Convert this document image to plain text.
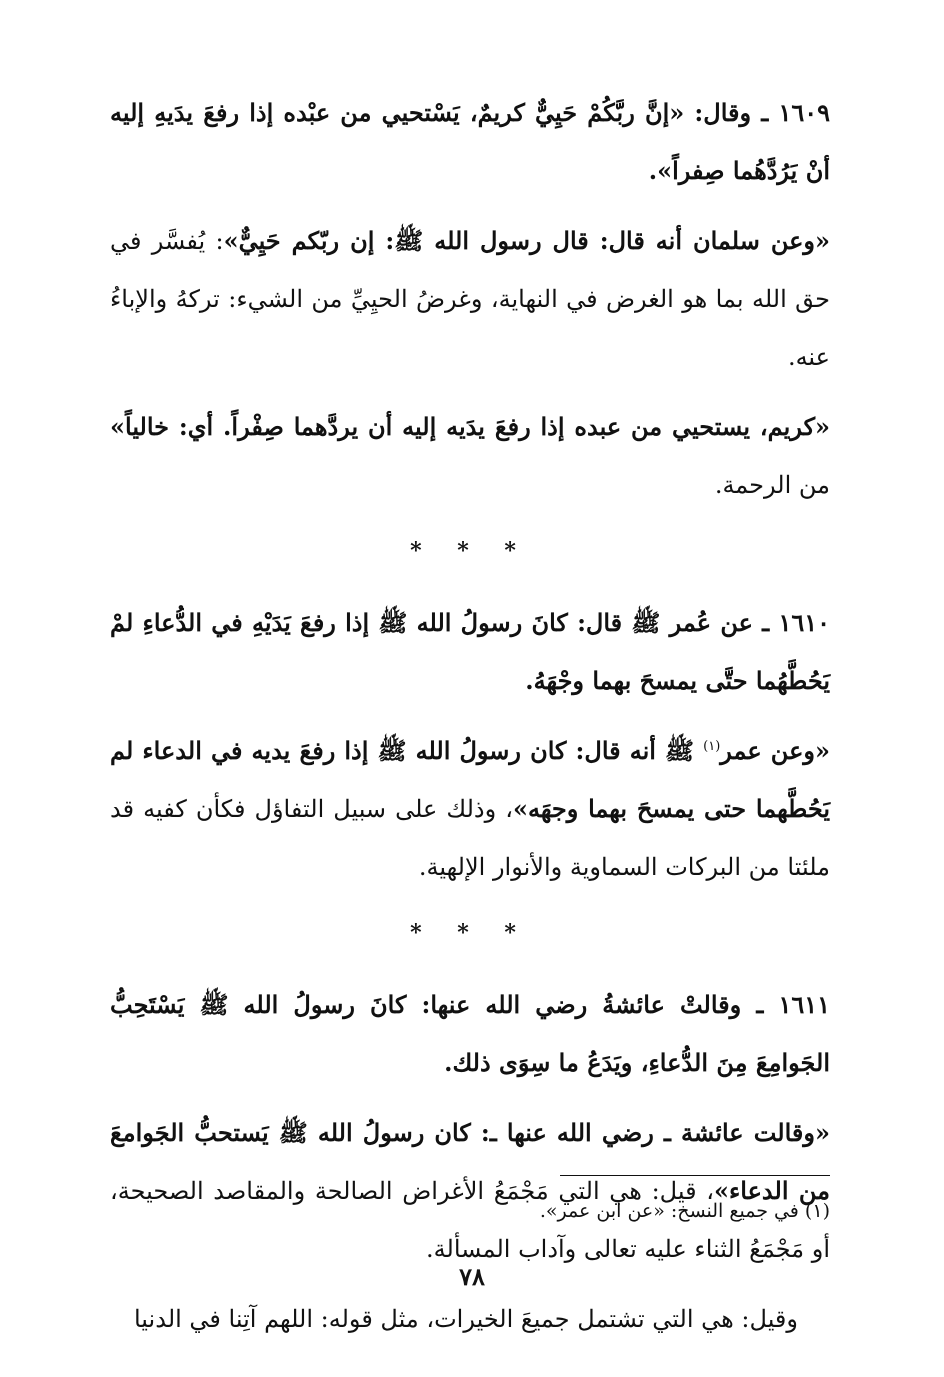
١٦٠٩ ـ وقال: «إنَّ ربَّكُمْ حَيِيٌّ كريمٌ، يَسْتحيي من عبْده إذا رفعَ يدَيهِ إليه أنْ يَرُدَّهُما صِفراً».

«وعن سلمان أنه قال: قال رسول الله ﷺ: إن ربّكم حَيِيٌّ»: يُفسَّر في حق الله بما هو الغرض في النهاية، وغرضُ الحيِيِّ من الشيء: تركهُ والإباءُ عنه.

«كريم، يستحيي من عبده إذا رفعَ يدَيه إليه أن يردَّهما صِفْراً. أي: خالياً» من الرحمة.

* * *

١٦١٠ ـ عن عُمر ﷺ قال: كانَ رسولُ الله ﷺ إذا رفعَ يَدَيْهِ في الدُّعاءِ لمْ يَحُطَّهُما حتَّى يمسحَ بهما وجْهَهُ.

«وعن عمر$^{(١)}$ ﷺ أنه قال: كان رسولُ الله ﷺ إذا رفعَ يديه في الدعاء لم يَحُطَّهما حتى يمسحَ بهما وجهَه»، وذلك على سبيل التفاؤل فكأن كفيه قد ملئتا من البركات السماوية والأنوار الإلهية.

* * *

١٦١١ ـ وقالتْ عائشةُ رضي الله عنها: كانَ رسولُ الله ﷺ يَسْتَحِبُّ الجَوامِعَ مِنَ الدُّعاءِ، ويَدَعُ ما سِوَى ذلك.

«وقالت عائشة ـ رضي الله عنها ـ: كان رسولُ الله ﷺ يَستحبُّ الجَوامعَ من الدعاء»، قيل: هي التي مَجْمَعُ الأغراض الصالحة والمقاصد الصحيحة، أو مَجْمَعُ الثناء عليه تعالى وآداب المسألة.

وقيل: هي التي تشتمل جميعَ الخيرات، مثل قوله: اللهم آتِنا في الدنيا

(١) في جميع النسخ: «عن ابن عمر».
٧٨
